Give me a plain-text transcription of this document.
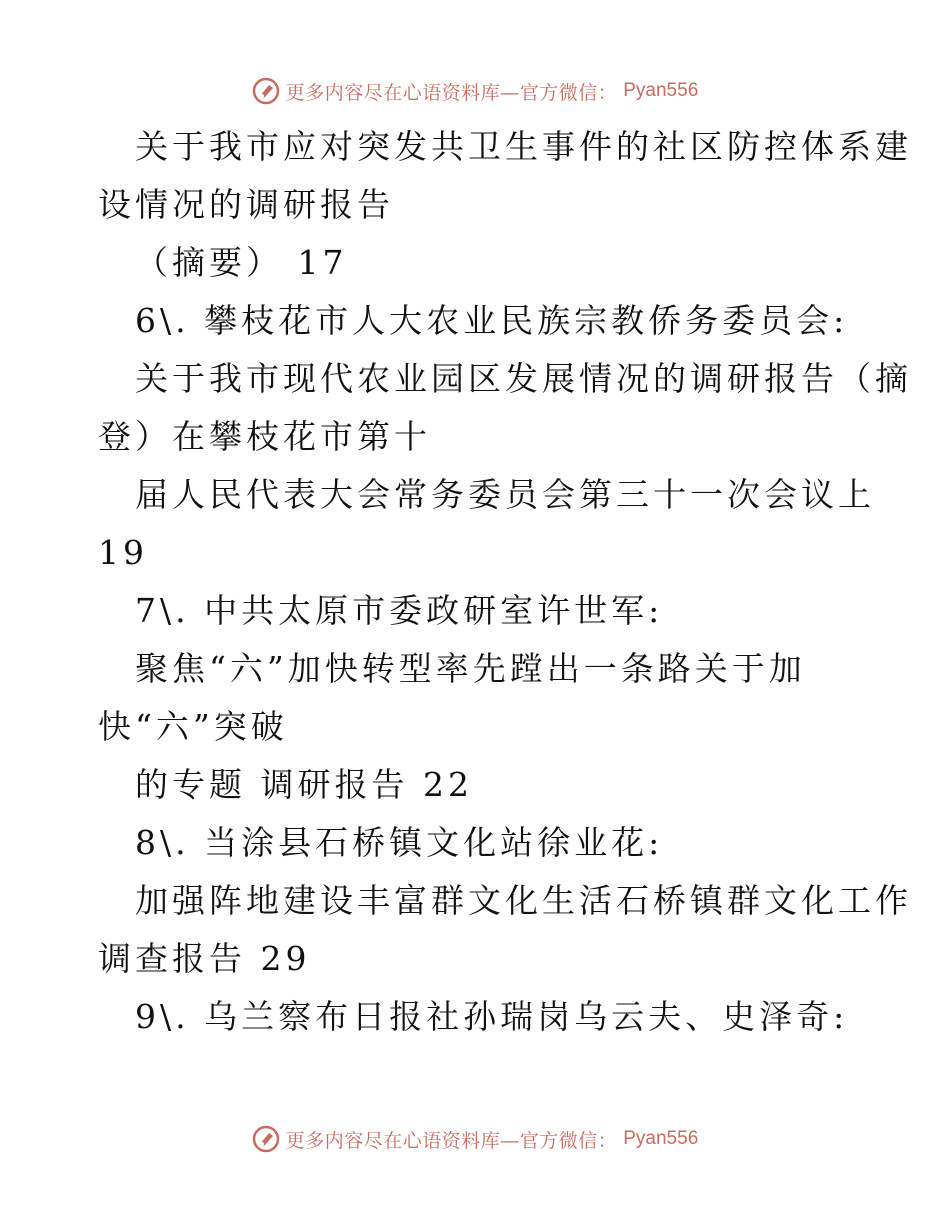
更多内容尽在心语资料库—官方微信： Pyan556
关于我市应对突发共卫生事件的社区防控体系建
设情况的调研报告
（摘要） 17
6\. 攀枝花市人大农业民族宗教侨务委员会:
关于我市现代农业园区发展情况的调研报告（摘
登）在攀枝花市第十
届人民代表大会常务委员会第三十一次会议上
19
7\. 中共太原市委政研室许世军:
聚焦“六”加快转型率先蹚出一条路关于加
快“六”突破
的专题 调研报告 22
8\. 当涂县石桥镇文化站徐业花:
加强阵地建设丰富群文化生活石桥镇群文化工作
调查报告 29
9\. 乌兰察布日报社孙瑞岗乌云夫、史泽奇:
更多内容尽在心语资料库—官方微信： Pyan556
